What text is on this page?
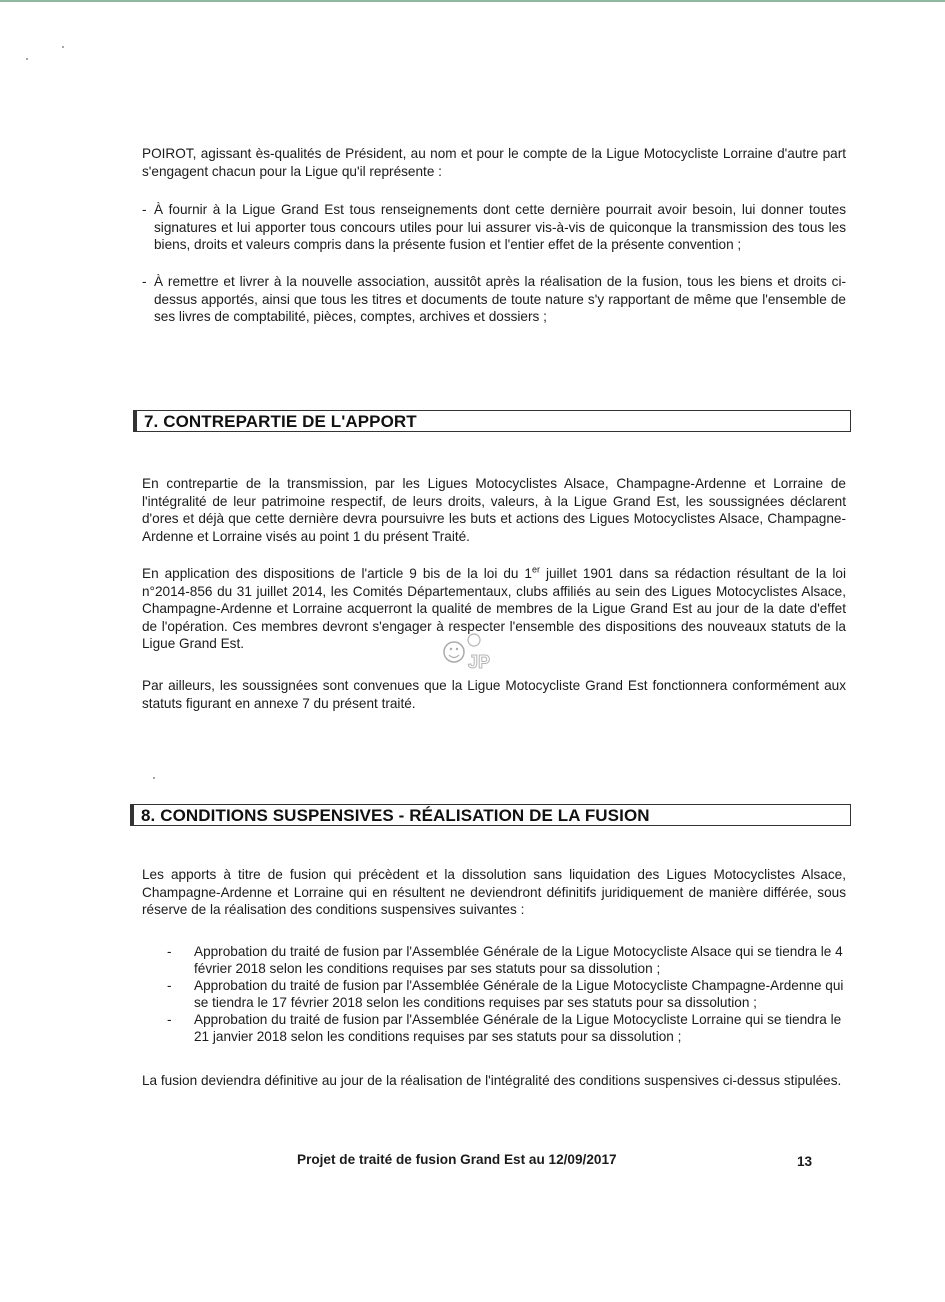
POIROT, agissant ès-qualités de Président, au nom et pour le compte de la Ligue Motocycliste Lorraine d'autre part s'engagent chacun pour la Ligue qu'il représente :

- À fournir à la Ligue Grand Est tous renseignements dont cette dernière pourrait avoir besoin, lui donner toutes signatures et lui apporter tous concours utiles pour lui assurer vis-à-vis de quiconque la transmission des tous les biens, droits et valeurs compris dans la présente fusion et l'entier effet de la présente convention ;
- À remettre et livrer à la nouvelle association, aussitôt après la réalisation de la fusion, tous les biens et droits ci-dessus apportés, ainsi que tous les titres et documents de toute nature s'y rapportant de même que l'ensemble de ses livres de comptabilité, pièces, comptes, archives et dossiers ;
7. CONTREPARTIE DE L'APPORT

En contrepartie de la transmission, par les Ligues Motocyclistes Alsace, Champagne-Ardenne et Lorraine de l'intégralité de leur patrimoine respectif, de leurs droits, valeurs, à la Ligue Grand Est, les soussignées déclarent d'ores et déjà que cette dernière devra poursuivre les buts et actions des Ligues Motocyclistes Alsace, Champagne-Ardenne et Lorraine visés au point 1 du présent Traité.

En application des dispositions de l'article 9 bis de la loi du 1er juillet 1901 dans sa rédaction résultant de la loi n°2014-856 du 31 juillet 2014, les Comités Départementaux, clubs affiliés au sein des Ligues Motocyclistes Alsace, Champagne-Ardenne et Lorraine acquerront la qualité de membres de la Ligue Grand Est au jour de la date d'effet de l'opération. Ces membres devront s'engager à respecter l'ensemble des dispositions des nouveaux statuts de la Ligue Grand Est.

Par ailleurs, les soussignées sont convenues que la Ligue Motocycliste Grand Est fonctionnera conformément aux statuts figurant en annexe 7 du présent traité.

JP
8. CONDITIONS SUSPENSIVES - RÉALISATION DE LA FUSION

Les apports à titre de fusion qui précèdent et la dissolution sans liquidation des Ligues Motocyclistes Alsace, Champagne-Ardenne et Lorraine qui en résultent ne deviendront définitifs juridiquement de manière différée, sous réserve de la réalisation des conditions suspensives suivantes :

-	Approbation du traité de fusion par l'Assemblée Générale de la Ligue Motocycliste Alsace qui se tiendra le 4 février 2018 selon les conditions requises par ses statuts pour sa dissolution ;
-	Approbation du traité de fusion par l'Assemblée Générale de la Ligue Motocycliste Champagne-Ardenne qui se tiendra le 17 février 2018 selon les conditions requises par ses statuts pour sa dissolution ;
-	Approbation du traité de fusion par l'Assemblée Générale de la Ligue Motocycliste Lorraine qui se tiendra le 21 janvier 2018 selon les conditions requises par ses statuts pour sa dissolution ;

La fusion deviendra définitive au jour de la réalisation de l'intégralité des conditions suspensives ci-dessus stipulées.

Projet de traité de fusion Grand Est au 12/09/2017	13
